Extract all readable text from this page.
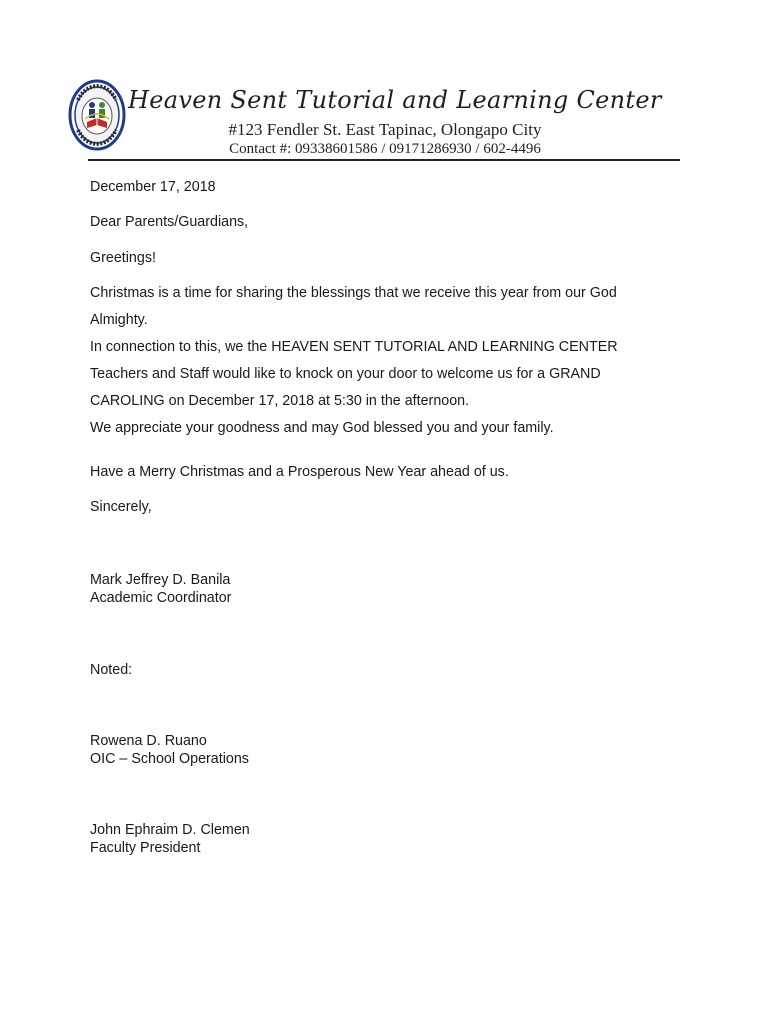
Heaven Sent Tutorial and Learning Center
#123 Fendler St. East Tapinac, Olongapo City
Contact #: 09338601586 / 09171286930 / 602-4496
December 17, 2018
Dear Parents/Guardians,
Greetings!
Christmas is a time for sharing the blessings that we receive this year from our God Almighty.
In connection to this, we the HEAVEN SENT TUTORIAL AND LEARNING CENTER Teachers and Staff would like to knock on your door to welcome us for a GRAND CAROLING on December 17, 2018 at 5:30 in the afternoon.
We appreciate your goodness and may God blessed you and your family.
Have a Merry Christmas and a Prosperous New Year ahead of us.
Sincerely,
Mark Jeffrey D. Banila
Academic Coordinator
Noted:
Rowena D. Ruano
OIC – School Operations
John Ephraim D. Clemen
Faculty President
